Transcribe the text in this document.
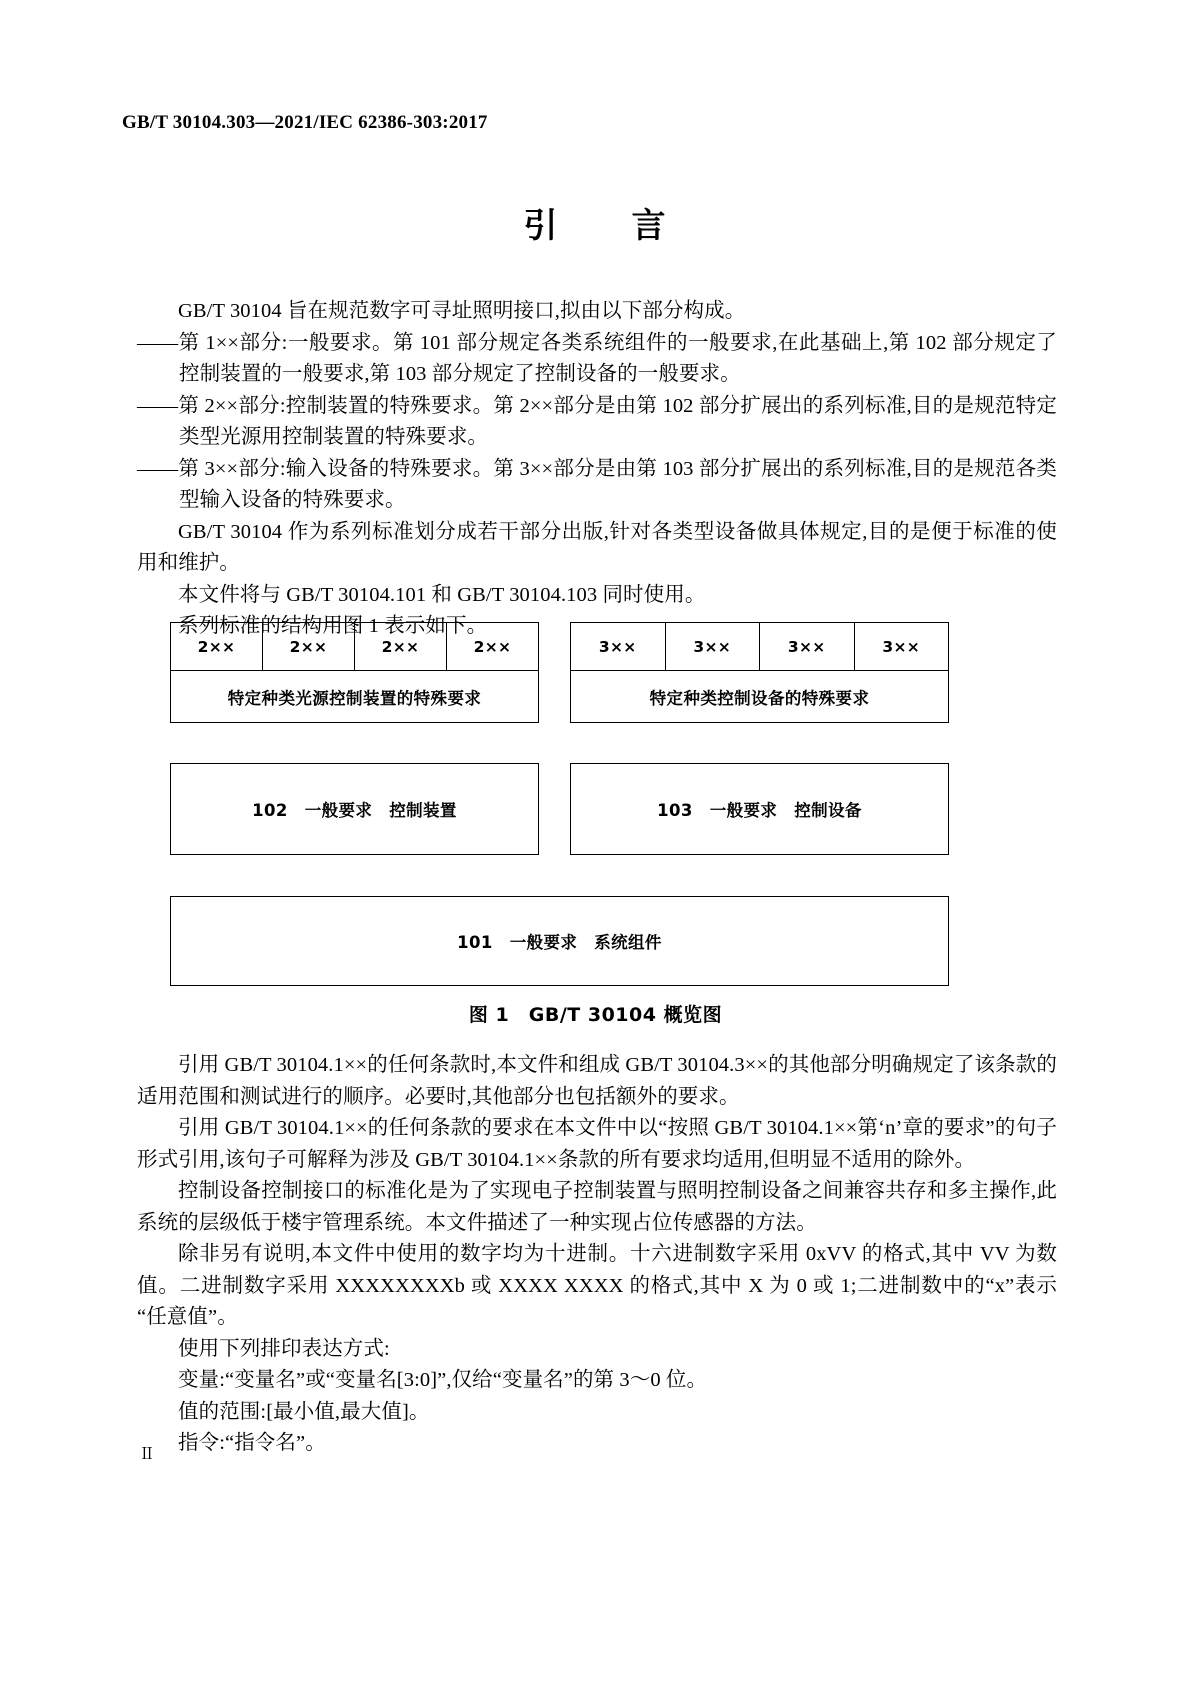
GB/T 30104.303—2021/IEC 62386-303:2017
引　　言

GB/T 30104 旨在规范数字可寻址照明接口,拟由以下部分构成。

——第 1××部分:一般要求。第 101 部分规定各类系统组件的一般要求,在此基础上,第 102 部分规定了控制装置的一般要求,第 103 部分规定了控制设备的一般要求。

——第 2××部分:控制装置的特殊要求。第 2××部分是由第 102 部分扩展出的系列标准,目的是规范特定类型光源用控制装置的特殊要求。

——第 3××部分:输入设备的特殊要求。第 3××部分是由第 103 部分扩展出的系列标准,目的是规范各类型输入设备的特殊要求。

GB/T 30104 作为系列标准划分成若干部分出版,针对各类型设备做具体规定,目的是便于标准的使用和维护。

本文件将与 GB/T 30104.101 和 GB/T 30104.103 同时使用。

系列标准的结构用图 1 表示如下。

2××	2××	2××	2××
特定种类光源控制装置的特殊要求
102　一般要求　控制装置
3××	3××	3××	3××
特定种类控制设备的特殊要求
103　一般要求　控制设备
101　一般要求　系统组件
图 1　GB/T 30104 概览图

引用 GB/T 30104.1××的任何条款时,本文件和组成 GB/T 30104.3××的其他部分明确规定了该条款的适用范围和测试进行的顺序。必要时,其他部分也包括额外的要求。

引用 GB/T 30104.1××的任何条款的要求在本文件中以“按照 GB/T 30104.1××第‘n’章的要求”的句子形式引用,该句子可解释为涉及 GB/T 30104.1××条款的所有要求均适用,但明显不适用的除外。

控制设备控制接口的标准化是为了实现电子控制装置与照明控制设备之间兼容共存和多主操作,此系统的层级低于楼宇管理系统。本文件描述了一种实现占位传感器的方法。

除非另有说明,本文件中使用的数字均为十进制。十六进制数字采用 0xVV 的格式,其中 VV 为数值。二进制数字采用 XXXXXXXXb 或 XXXX XXXX 的格式,其中 X 为 0 或 1;二进制数中的“x”表示“任意值”。

使用下列排印表达方式:

变量:“变量名”或“变量名[3:0]”,仅给“变量名”的第 3～0 位。

值的范围:[最小值,最大值]。

指令:“指令名”。

Ⅱ
